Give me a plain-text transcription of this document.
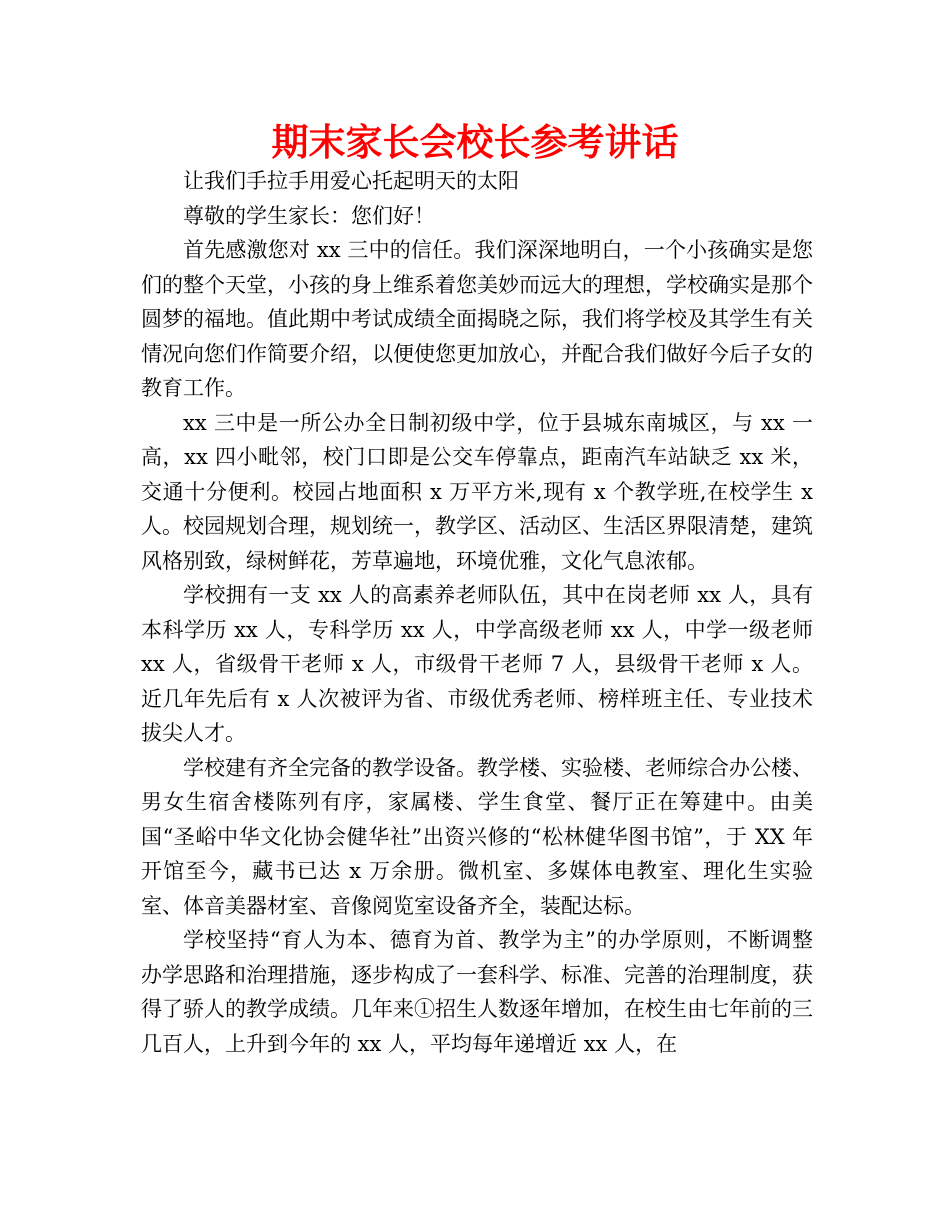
期末家长会校长参考讲话

让我们手拉手用爱心托起明天的太阳

尊敬的学生家长：您们好！

首先感激您对 xx 三中的信任。我们深深地明白，一个小孩确实是您们的整个天堂，小孩的身上维系着您美妙而远大的理想，学校确实是那个圆梦的福地。值此期中考试成绩全面揭晓之际，我们将学校及其学生有关情况向您们作简要介绍，以便使您更加放心，并配合我们做好今后子女的教育工作。

xx 三中是一所公办全日制初级中学，位于县城东南城区，与 xx 一高，xx 四小毗邻，校门口即是公交车停靠点，距南汽车站缺乏 xx 米，交通十分便利。校园占地面积 x 万平方米,现有 x 个教学班,在校学生 x 人。校园规划合理，规划统一，教学区、活动区、生活区界限清楚，建筑风格别致，绿树鲜花，芳草遍地，环境优雅，文化气息浓郁。

学校拥有一支 xx 人的高素养老师队伍，其中在岗老师 xx 人，具有本科学历 xx 人，专科学历 xx 人，中学高级老师 xx 人，中学一级老师 xx 人，省级骨干老师 x 人，市级骨干老师 7 人，县级骨干老师 x 人。近几年先后有 x 人次被评为省、市级优秀老师、榜样班主任、专业技术拔尖人才。

学校建有齐全完备的教学设备。教学楼、实验楼、老师综合办公楼、男女生宿舍楼陈列有序，家属楼、学生食堂、餐厅正在筹建中。由美国“圣峪中华文化协会健华社”出资兴修的“松林健华图书馆”，于 XX 年开馆至今，藏书已达 x 万余册。微机室、多媒体电教室、理化生实验室、体音美器材室、音像阅览室设备齐全，装配达标。

学校坚持“育人为本、德育为首、教学为主”的办学原则，不断调整办学思路和治理措施，逐步构成了一套科学、标准、完善的治理制度，获得了骄人的教学成绩。几年来①招生人数逐年增加，在校生由七年前的三几百人，上升到今年的 xx 人，平均每年递增近 xx 人，在
